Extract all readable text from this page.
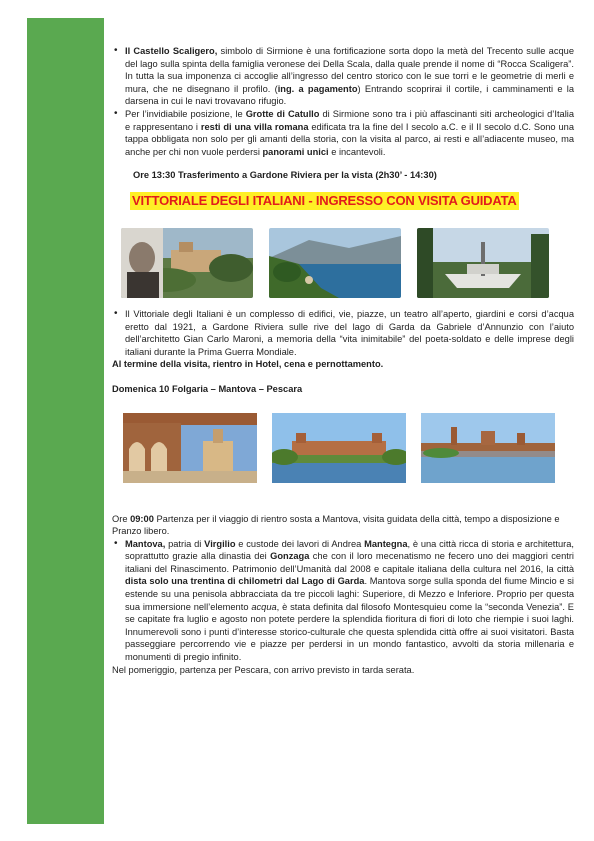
• Il Castello Scaligero, simbolo di Sirmione è una fortificazione sorta dopo la metà del Trecento sulle acque del lago sulla spinta della famiglia veronese dei Della Scala, dalla quale prende il nome di “Rocca Scaligera”. In tutta la sua imponenza ci accoglie all’ingresso del centro storico con le sue torri e le geometrie di merli e mura, che ne disegnano il profilo. (ing. a pagamento) Entrando scoprirai il cortile, i camminamenti e la darsena in cui le navi trovavano rifugio.

• Per l’invidiabile posizione, le Grotte di Catullo di Sirmione sono tra i più affascinanti siti archeologici d’Italia e rappresentano i resti di una villa romana edificata tra la fine del I secolo a.C. e il II secolo d.C. Sono una tappa obbligata non solo per gli amanti della storia, con la visita al parco, ai resti e all’adiacente museo, ma anche per chi non vuole perdersi panorami unici e incantevoli.

Ore 13:30 Trasferimento a Gardone Riviera per la vista (2h30’ - 14:30)

VITTORIALE DEGLI ITALIANI - INGRESSO CON VISITA GUIDATA

• Il Vittoriale degli Italiani è un complesso di edifici, vie, piazze, un teatro all’aperto, giardini e corsi d’acqua eretto dal 1921, a Gardone Riviera sulle rive del lago di Garda da Gabriele d’Annunzio con l’aiuto dell’architetto Gian Carlo Maroni, a memoria della “vita inimitabile” del poeta-soldato e delle imprese degli italiani durante la Prima Guerra Mondiale.

Al termine della visita, rientro in Hotel, cena e pernottamento.

Domenica 10 Folgaria – Mantova – Pescara

Ore 09:00 Partenza per il viaggio di rientro sosta a Mantova, visita guidata della città, tempo a disposizione e Pranzo libero.

• Mantova, patria di Virgilio e custode dei lavori di Andrea Mantegna, è una città ricca di storia e architettura, soprattutto grazie alla dinastia dei Gonzaga che con il loro mecenatismo ne fecero uno dei maggiori centri italiani del Rinascimento. Patrimonio dell’Umanità dal 2008 e capitale italiana della cultura nel 2016, la città dista solo una trentina di chilometri dal Lago di Garda. Mantova sorge sulla sponda del fiume Mincio e si estende su una penisola abbracciata da tre piccoli laghi: Superiore, di Mezzo e Inferiore. Proprio per questa sua immersione nell’elemento acqua, è stata definita dal filosofo Montesquieu come la “seconda Venezia”. E se capitate fra luglio e agosto non potete perdere la splendida fioritura di fiori di loto che riempie i suoi laghi. Innumerevoli sono i punti d’interesse storico-culturale che questa splendida città offre ai suoi visitatori. Basta passeggiare percorrendo vie e piazze per perdersi in un mondo fantastico, avvolti da storia millenaria e monumenti di pregio infinito.

Nel pomeriggio, partenza per Pescara, con arrivo previsto in tarda serata.
